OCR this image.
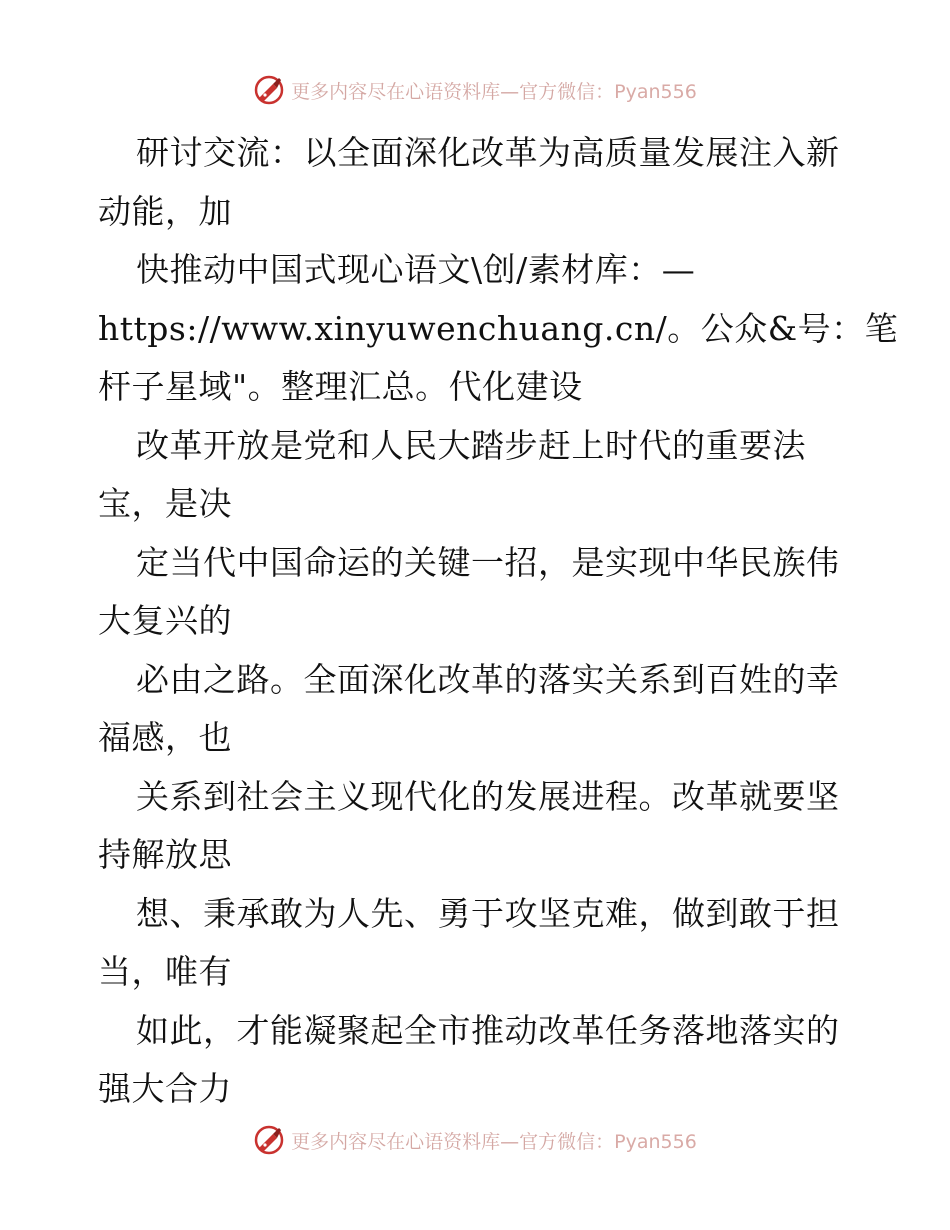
更多内容尽在心语资料库—官方微信：Pyan556
研讨交流：以全面深化改革为高质量发展注入新
动能，加
快推动中国式现心语文\创/素材库：—
https://www.xinyuwenchuang.cn/。公众&号：笔
杆子星域"。整理汇总。代化建设
改革开放是党和人民大踏步赶上时代的重要法
宝，是决
定当代中国命运的关键一招，是实现中华民族伟
大复兴的
必由之路。全面深化改革的落实关系到百姓的幸
福感，也
关系到社会主义现代化的发展进程。改革就要坚
持解放思
想、秉承敢为人先、勇于攻坚克难，做到敢于担
当，唯有
如此，才能凝聚起全市推动改革任务落地落实的
强大合力
更多内容尽在心语资料库—官方微信：Pyan556
